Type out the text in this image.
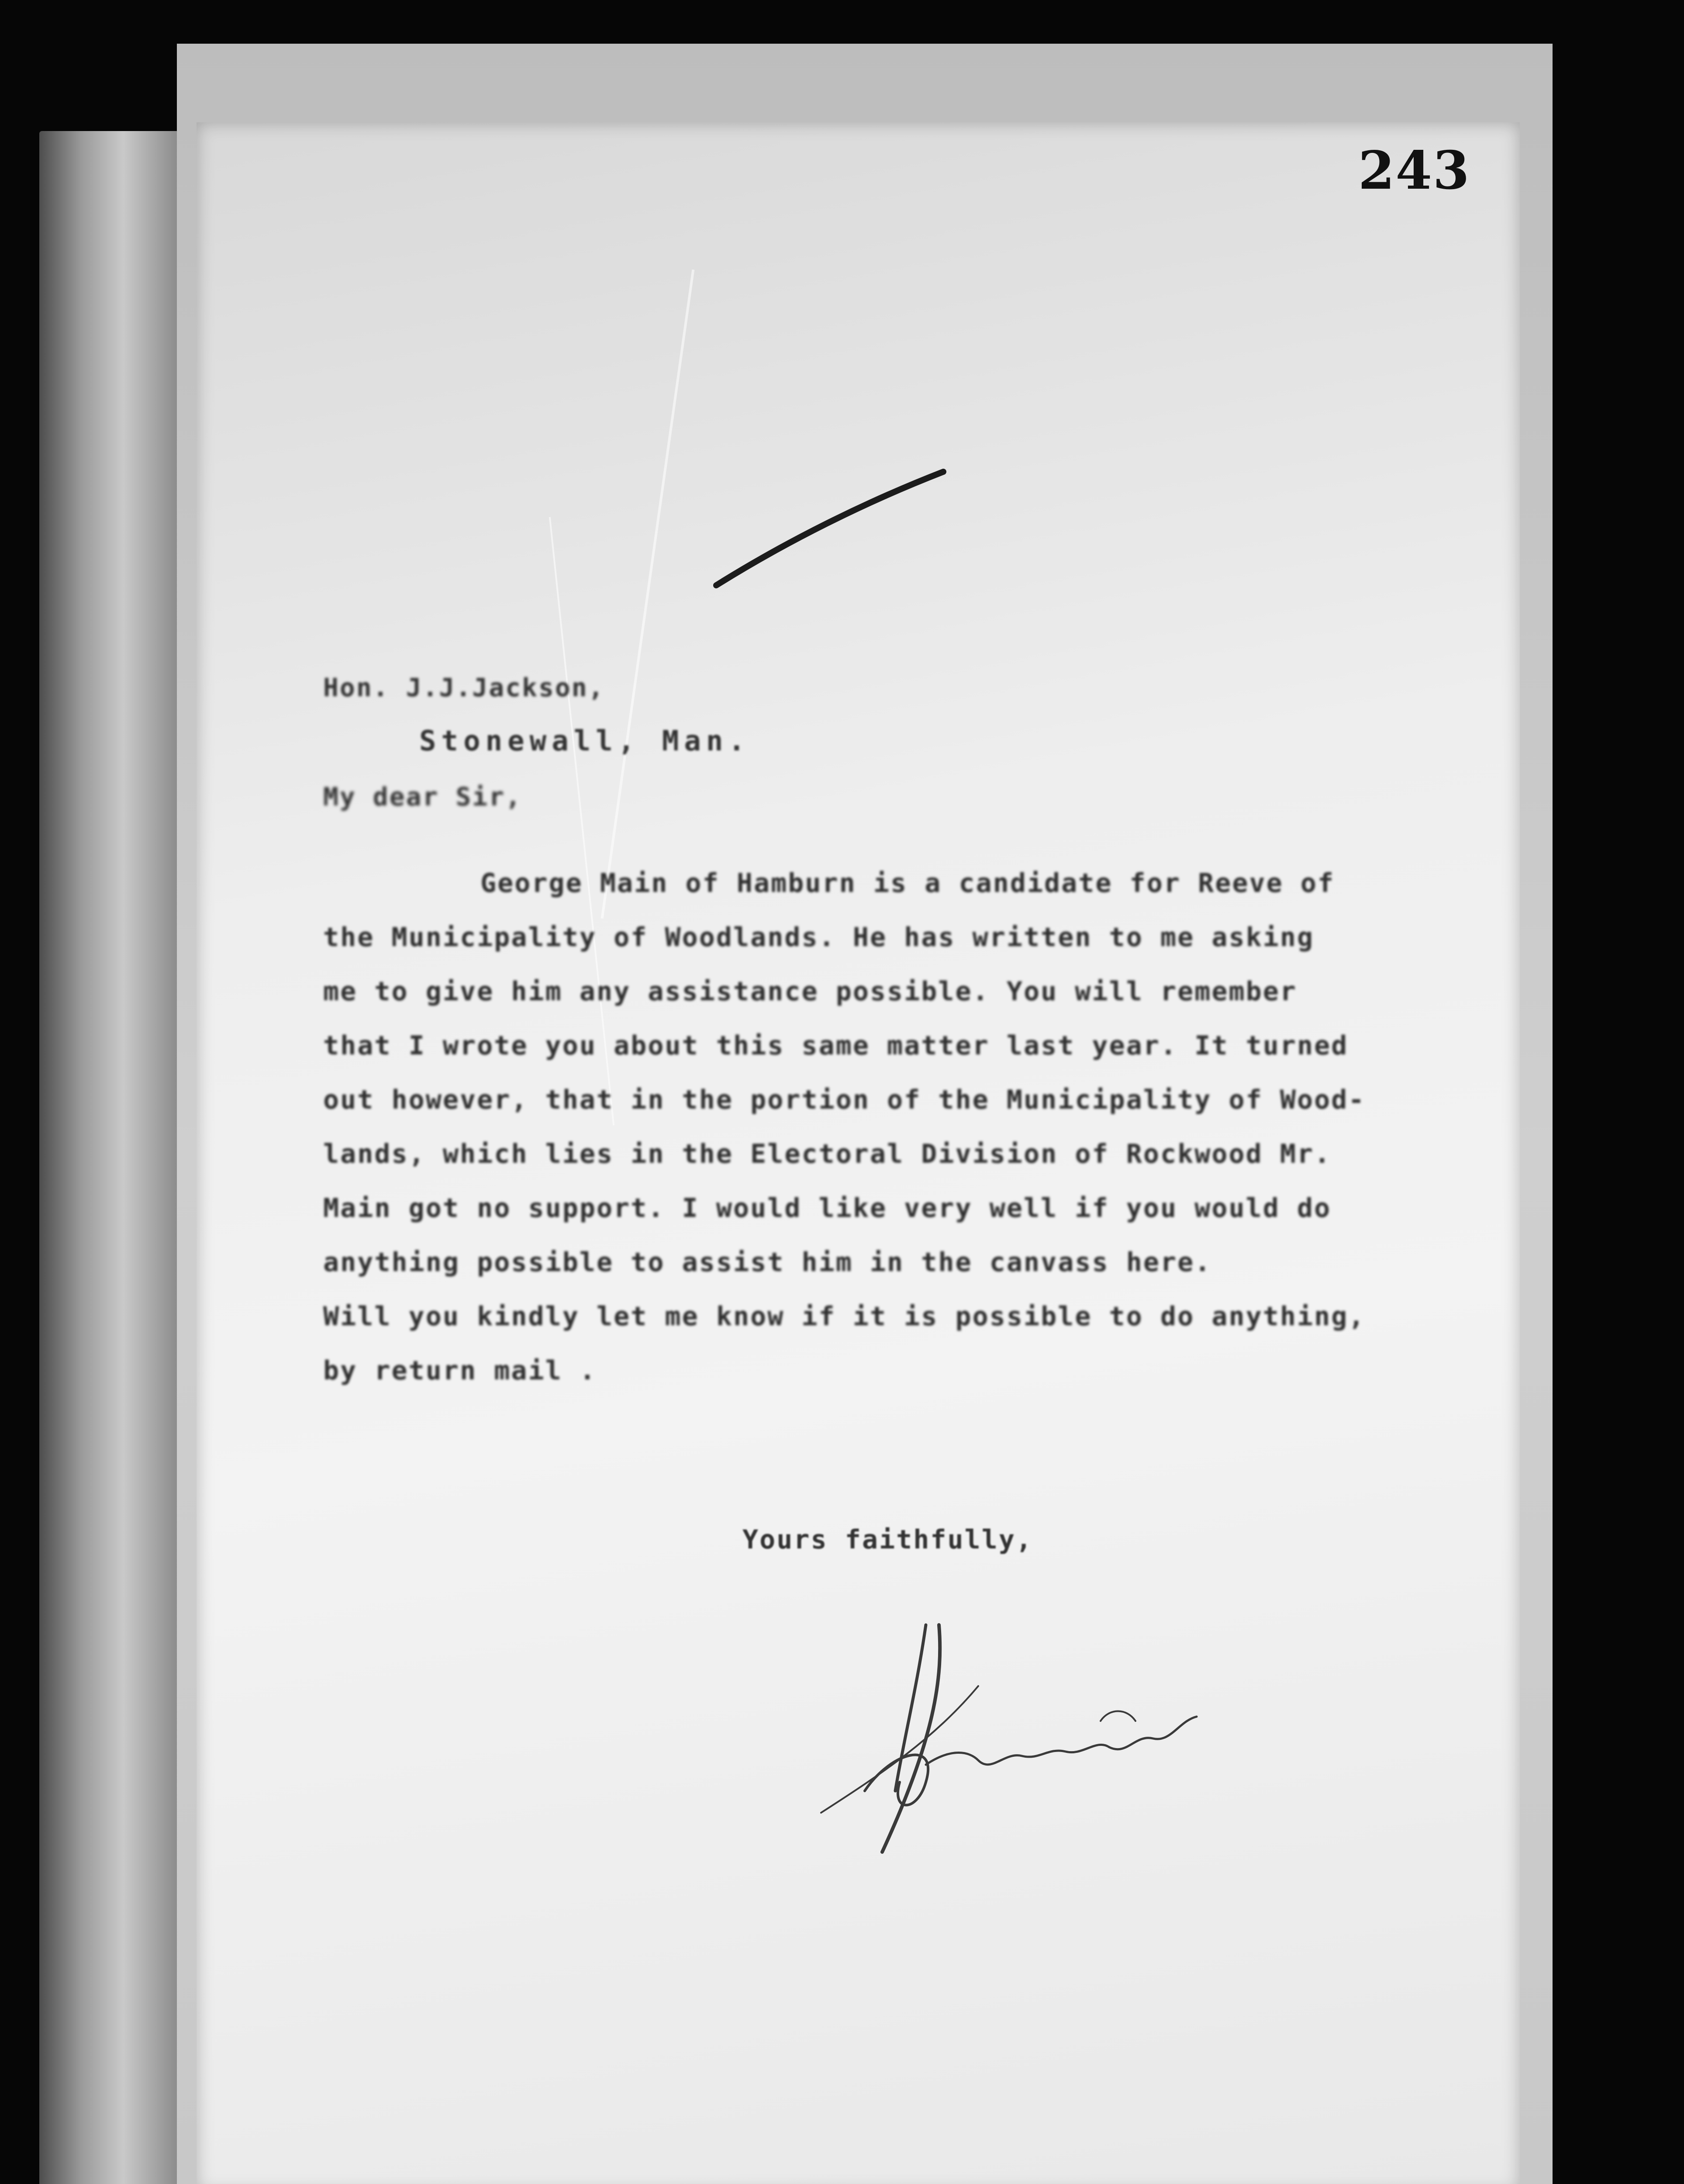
243
Hon. J.J.Jackson,
Stonewall, Man.
My dear Sir,
George Main of Hamburn is a candidate for Reeve of
the Municipality of Woodlands. He has written to me asking
me to give him any assistance possible. You will remember
that I wrote you about this same matter last year. It turned
out however, that in the portion of the Municipality of Wood-
lands, which lies in the Electoral Division of Rockwood Mr.
Main got no support. I would like very well if you would do
anything possible to assist him in the canvass here.
Will you kindly let me know if it is possible to do anything,
by return mail .
Yours faithfully,
